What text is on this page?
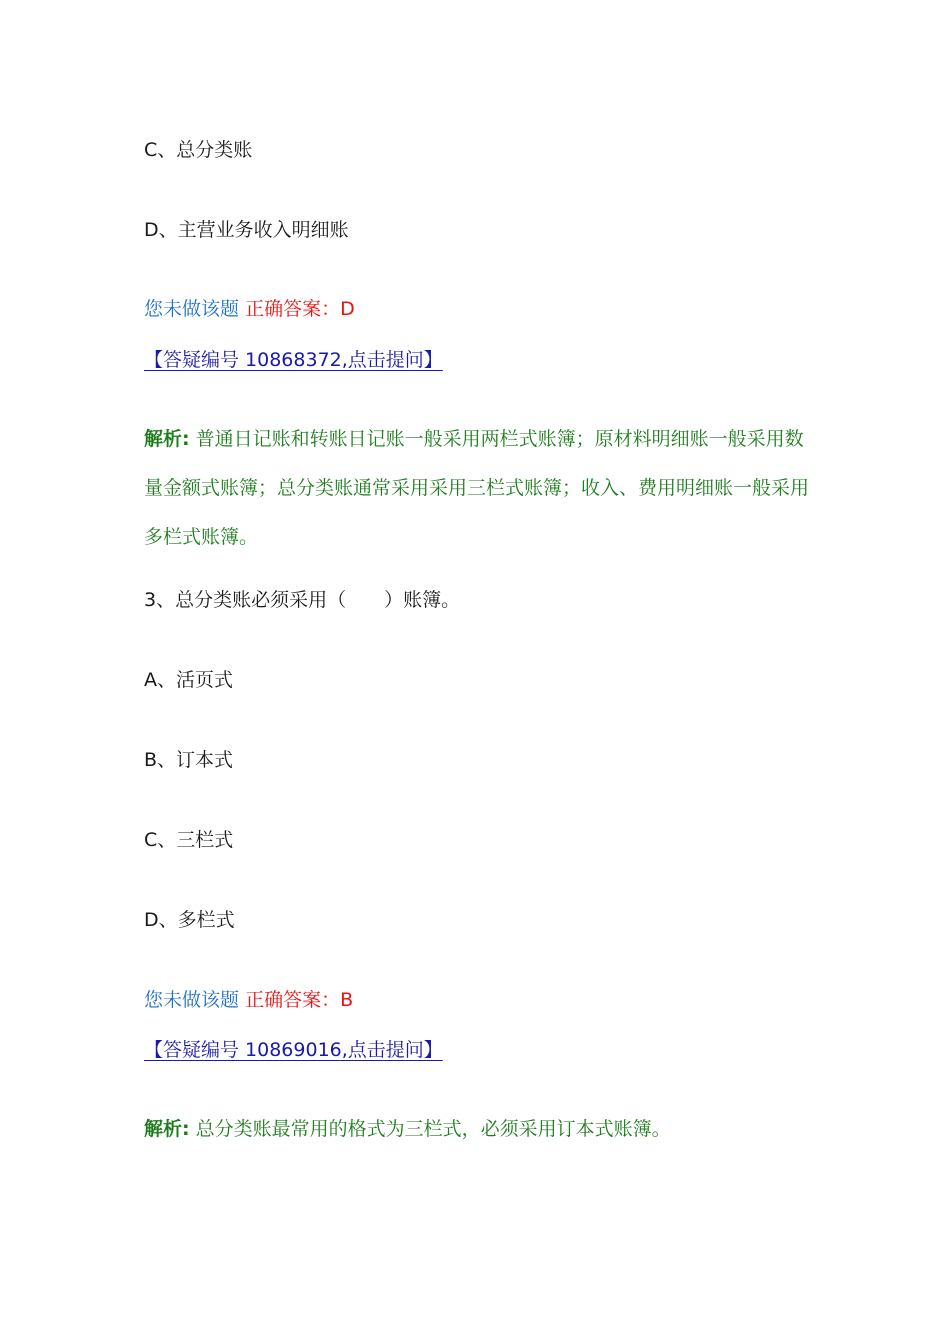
C、总分类账
D、主营业务收入明细账
您未做该题 正确答案：D
【答疑编号 10868372,点击提问】
解析: 普通日记账和转账日记账一般采用两栏式账簿；原材料明细账一般采用数量金额式账簿；总分类账通常采用采用三栏式账簿；收入、费用明细账一般采用多栏式账簿。
3、总分类账必须采用（　　）账簿。
A、活页式
B、订本式
C、三栏式
D、多栏式
您未做该题 正确答案：B
【答疑编号 10869016,点击提问】
解析: 总分类账最常用的格式为三栏式，必须采用订本式账簿。
